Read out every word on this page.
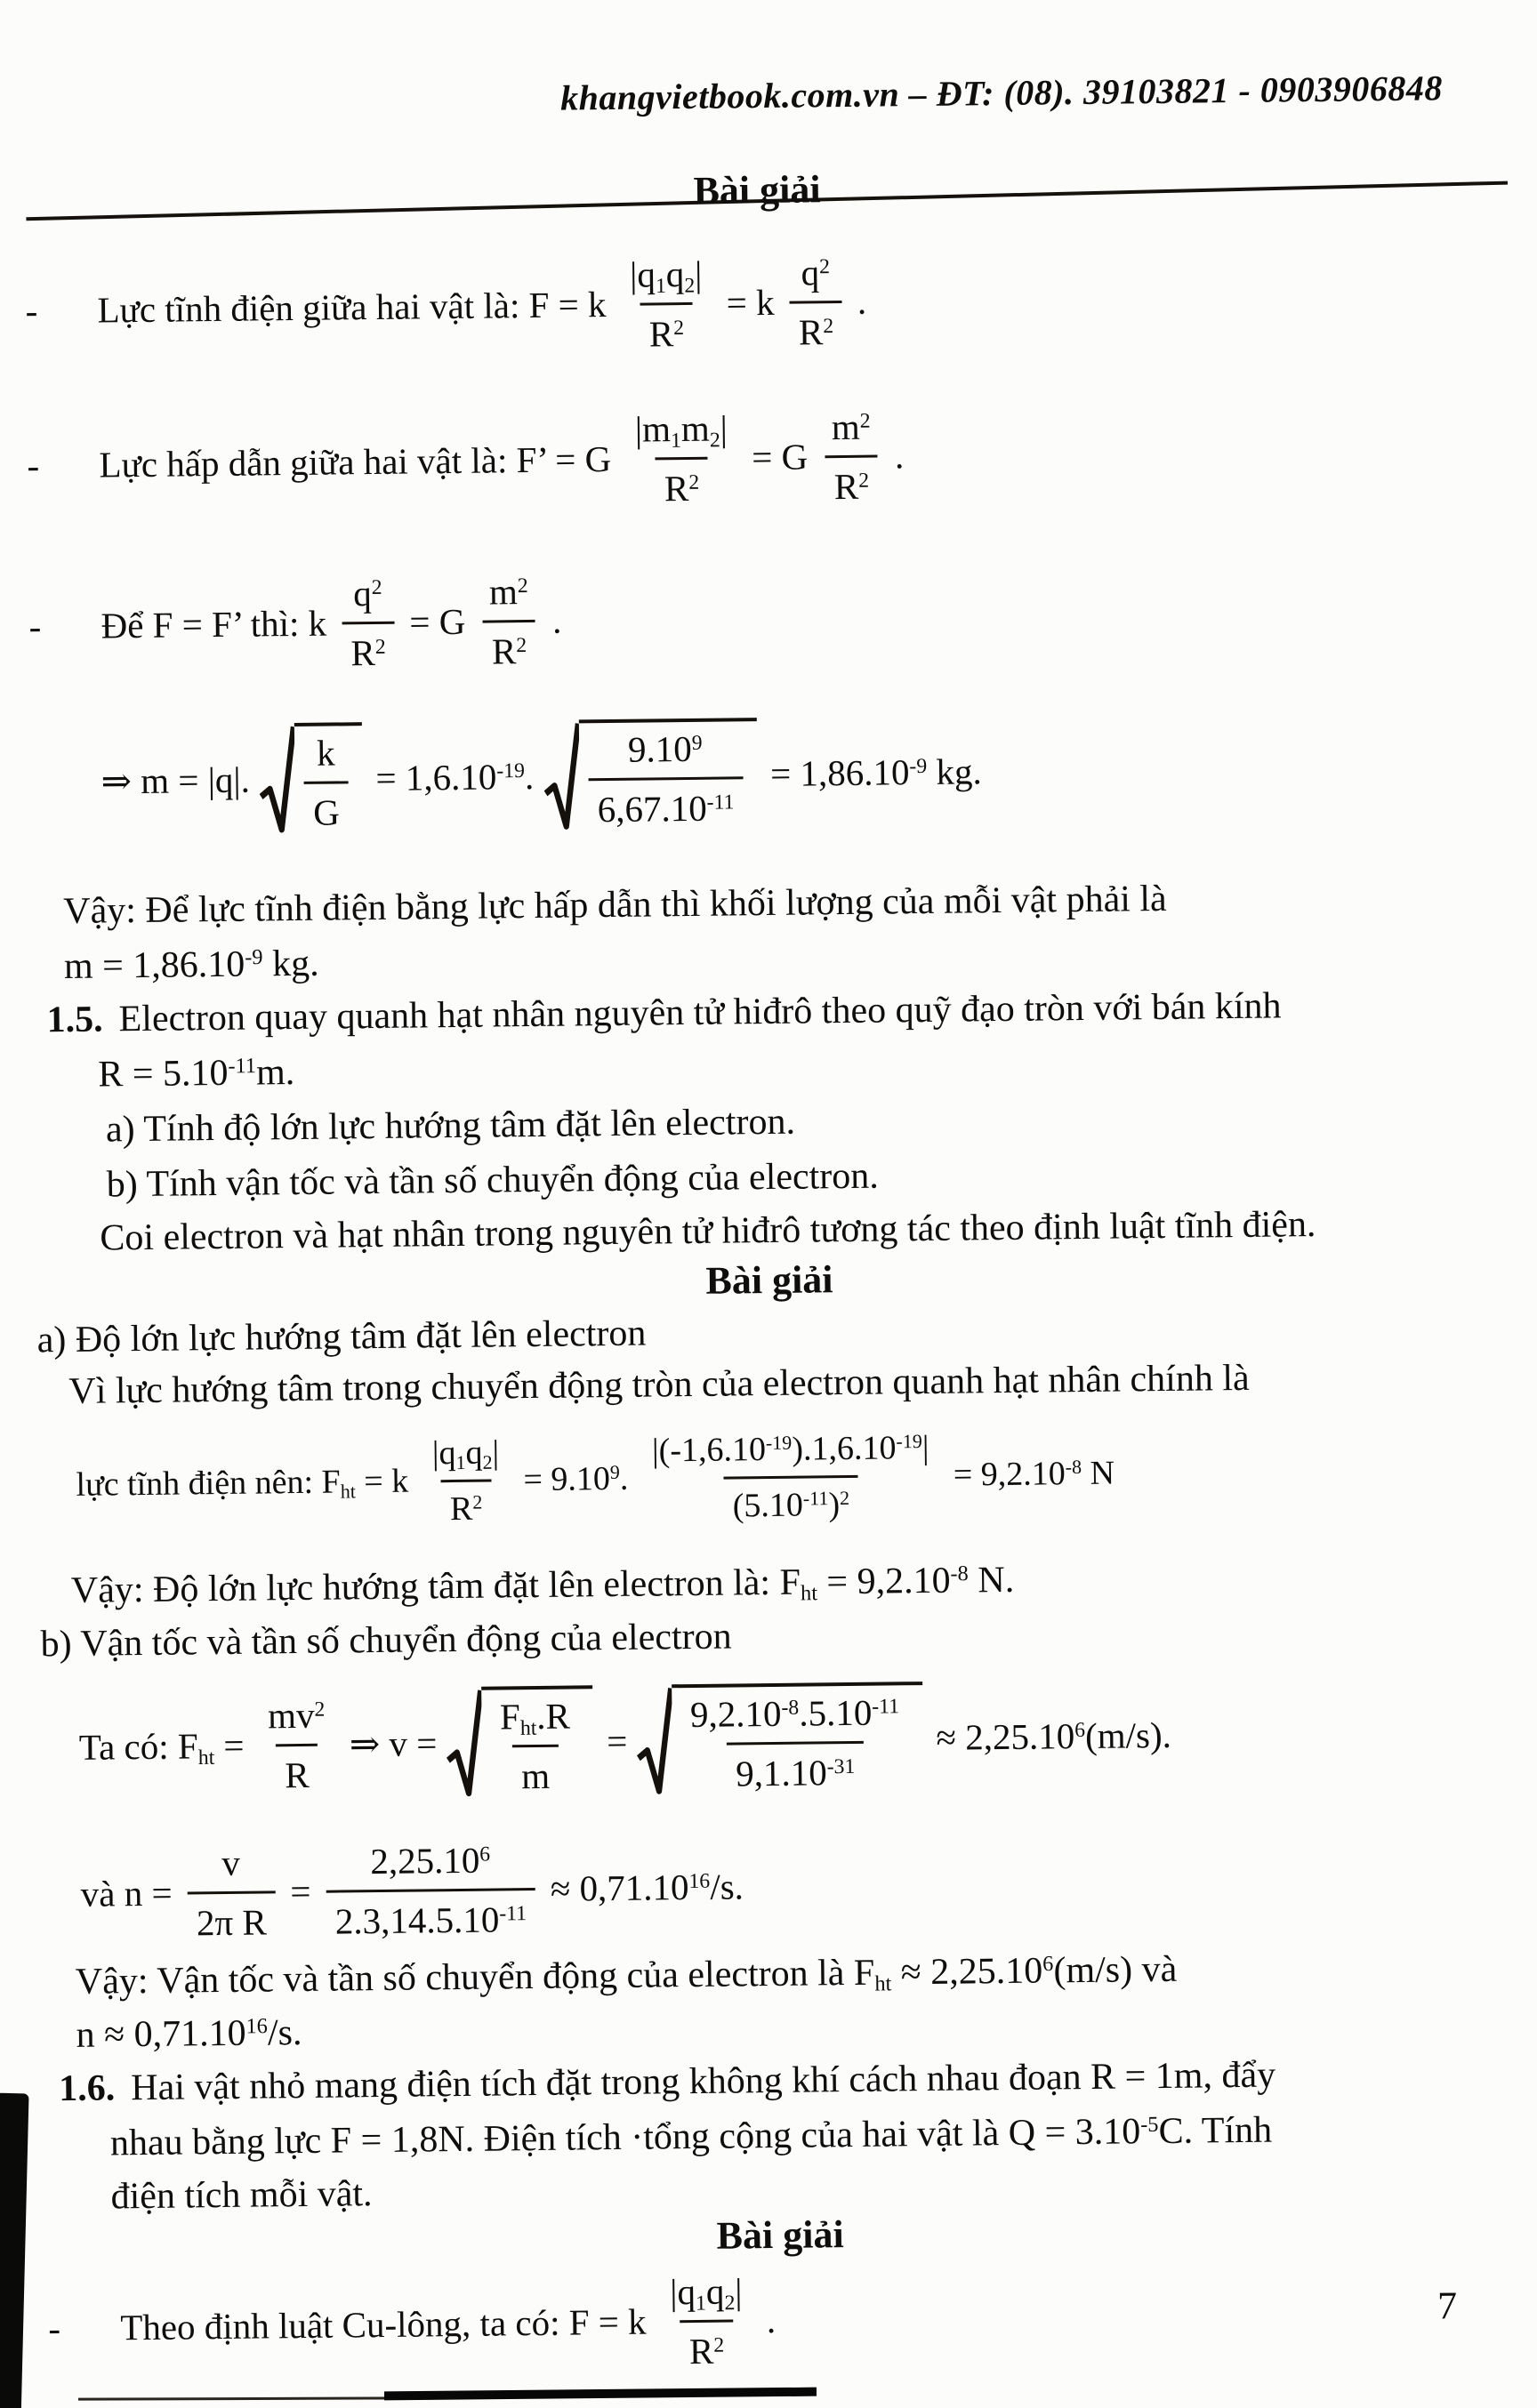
khangvietbook.com.vn – ĐT: (08). 39103821 - 0903906848
Bài giải
-	Lực tĩnh điện giữa hai vật là: F = k $\frac{|q_1q_2|}{R^2} = k \frac{q^2}{R^2}$ .
-	Lực hấp dẫn giữa hai vật là: F’ = G $\frac{|m_1m_2|}{R^2} = G \frac{m^2}{R^2}$ .
-	Để F = F’ thì: k $\frac{q^2}{R^2} = G \frac{m^2}{R^2}$ .
⇒ m = |q|. $\frac{k}{G} = 1,6.10^{-19}$. $\frac{9.10^9}{6,67.10^{-11}} = 1,86.10^{-9}$ kg.
Vậy: Để lực tĩnh điện bằng lực hấp dẫn thì khối lượng của mỗi vật phải là
$m = 1,86.10^{-9}$ kg.
1.5. Electron quay quanh hạt nhân nguyên tử hiđrô theo quỹ đạo tròn với bán kính
$R = 5.10^{-11}m$.
a) Tính độ lớn lực hướng tâm đặt lên electron.
b) Tính vận tốc và tần số chuyển động của electron.
Coi electron và hạt nhân trong nguyên tử hiđrô tương tác theo định luật tĩnh điện.
Bài giải
a) Độ lớn lực hướng tâm đặt lên electron
Vì lực hướng tâm trong chuyển động tròn của electron quanh hạt nhân chính là
lực tĩnh điện nên: $F_{ht} = k \frac{|q_1q_2|}{R^2} = 9.10^9$. $\frac{|(-1,6.10^{-19}).1,6.10^{-19}|}{(5.10^{-11})^2} = 9,2.10^{-8}$ N
Vậy: Độ lớn lực hướng tâm đặt lên electron là: $F_{ht} = 9,2.10^{-8}$ N.
b) Vận tốc và tần số chuyển động của electron
Ta có: $F_{ht} = \frac{mv^2}{R}$ ⇒ $v = \frac{F_{ht}.R}{m} = \frac{9,2.10^{-8}.5.10^{-11}}{9,1.10^{-31}} \approx 2,25.10^6(m/s)$.
và $n = \frac{v}{\text{2π R}} = \frac{2,25.10^6}{2.3,14.5.10^{-11}} \approx 0,71.10^{16}/s$.
Vậy: Vận tốc và tần số chuyển động của electron là $F_{ht} \approx 2,25.10^6(m/s)$ và
$n \approx 0,71.10^{16}/s$.
1.6. Hai vật nhỏ mang điện tích đặt trong không khí cách nhau đoạn R = 1m, đẩy
nhau bằng lực F = 1,8N. Điện tích ·tổng cộng của hai vật là $Q = 3.10^{-5}C$. Tính
điện tích mỗi vật.
Bài giải
-	Theo định luật Cu-lông, ta có: F = k $\frac{|q_1q_2|}{R^2}$ .	7
